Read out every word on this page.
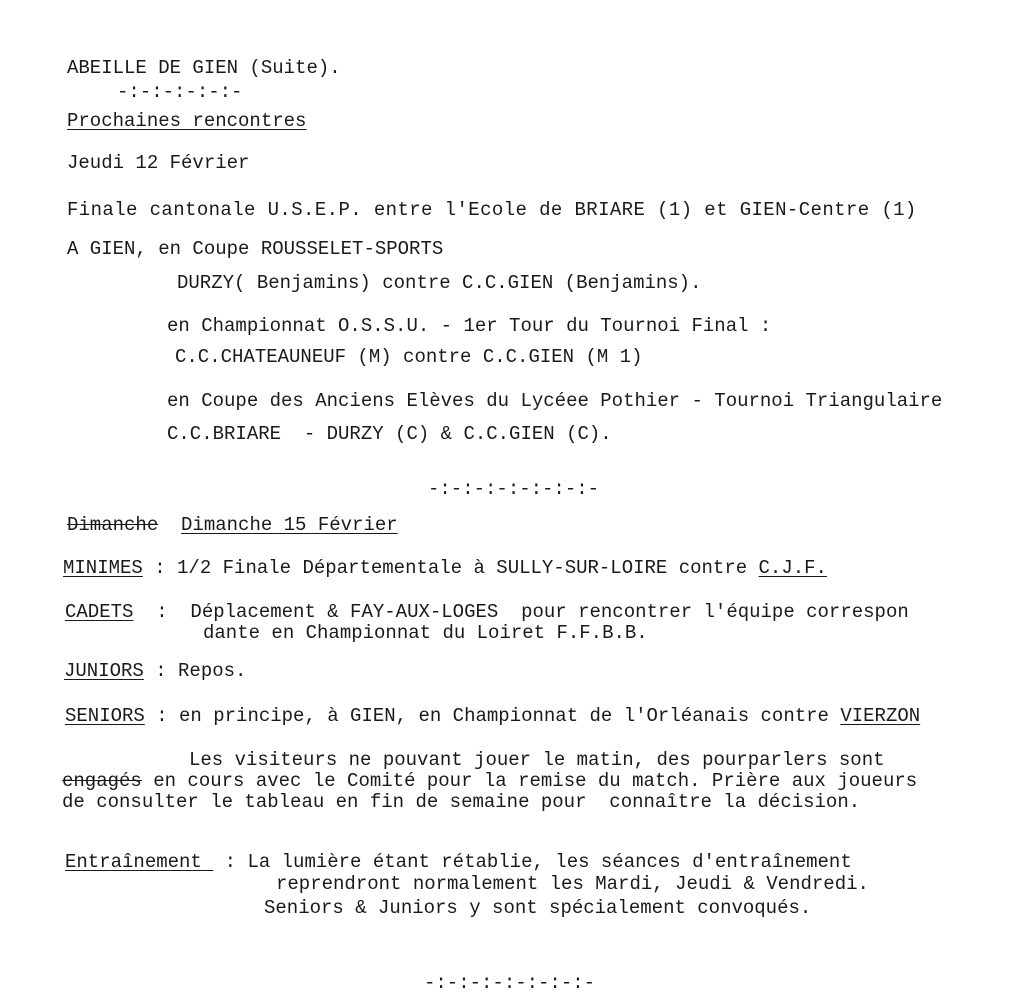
ABEILLE DE GIEN (Suite).
-:-:-:-:-:-
Prochaines rencontres
Jeudi 12 Février
Finale cantonale U.S.E.P. entre l'Ecole de BRIARE (1) et GIEN-Centre (1)
A GIEN, en Coupe ROUSSELET-SPORTS
DURZY( Benjamins) contre C.C.GIEN (Benjamins).
en Championnat O.S.S.U. - 1er Tour du Tournoi Final :
C.C.CHATEAUNEUF (M) contre C.C.GIEN (M 1)
en Coupe des Anciens Elèves du Lycéee Pothier - Tournoi Triangulaire
C.C.BRIARE  - DURZY (C) & C.C.GIEN (C).
-:-:-:-:-:-:-:-
Dimanche Dimanche 15 Février
MINIMES : 1/2 Finale Départementale à SULLY-SUR-LOIRE contre C.J.F.
CADETS  :  Déplacement & FAY-AUX-LOGES  pour rencontrer l'équipe correspon
dante en Championnat du Loiret F.F.B.B.
JUNIORS : Repos.
SENIORS : en principe, à GIEN, en Championnat de l'Orléanais contre VIERZON
Les visiteurs ne pouvant jouer le matin, des pourparlers sont
engagés en cours avec le Comité pour la remise du match. Prière aux joueurs
de consulter le tableau en fin de semaine pour  connaître la décision.
Entraînement  : La lumière étant rétablie, les séances d'entraînement
reprendront normalement les Mardi, Jeudi & Vendredi.
Seniors & Juniors y sont spécialement convoqués.
-:-:-:-:-:-:-:-
